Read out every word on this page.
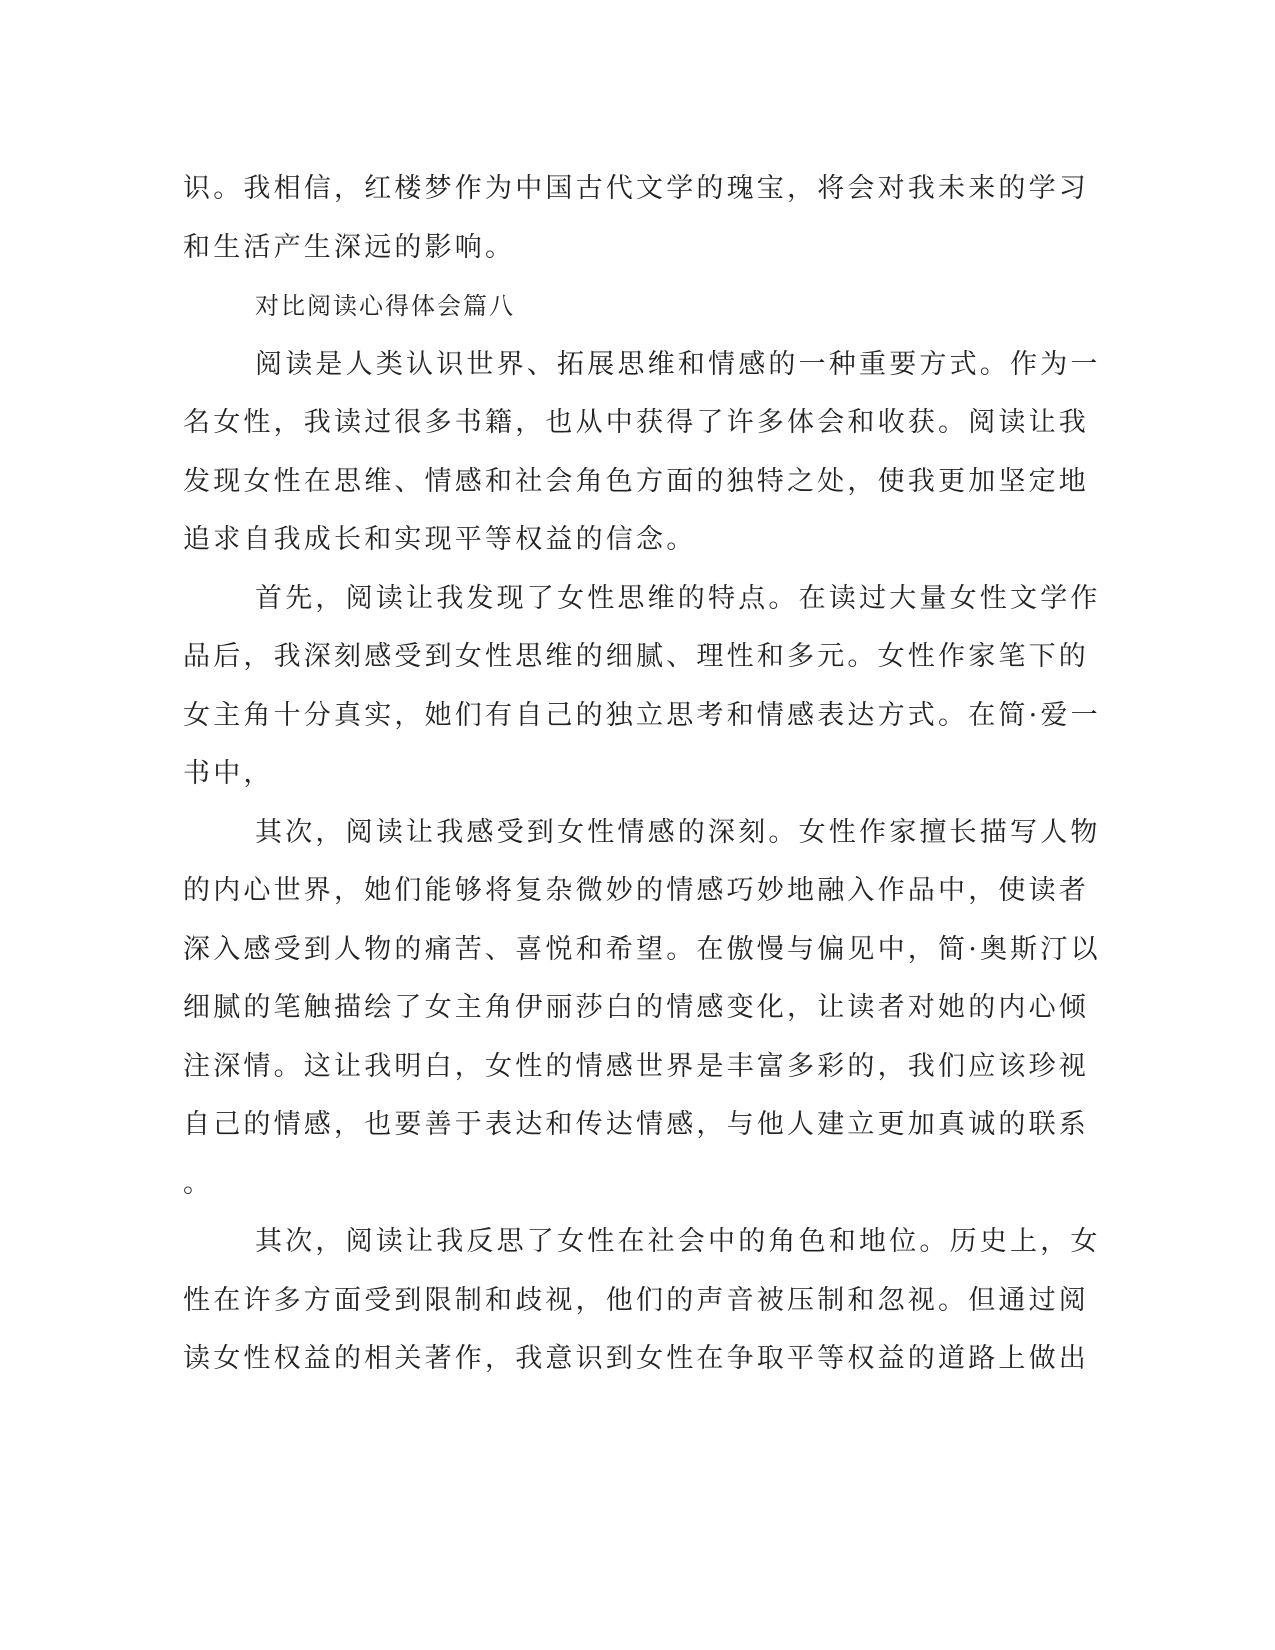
识。我相信，红楼梦作为中国古代文学的瑰宝，将会对我未来的学习
和生活产生深远的影响。
对比阅读心得体会篇八
阅读是人类认识世界、拓展思维和情感的一种重要方式。作为一
名女性，我读过很多书籍，也从中获得了许多体会和收获。阅读让我
发现女性在思维、情感和社会角色方面的独特之处，使我更加坚定地
追求自我成长和实现平等权益的信念。
首先，阅读让我发现了女性思维的特点。在读过大量女性文学作
品后，我深刻感受到女性思维的细腻、理性和多元。女性作家笔下的
女主角十分真实，她们有自己的独立思考和情感表达方式。在简·爱一
书中，
其次，阅读让我感受到女性情感的深刻。女性作家擅长描写人物
的内心世界，她们能够将复杂微妙的情感巧妙地融入作品中，使读者
深入感受到人物的痛苦、喜悦和希望。在傲慢与偏见中，简·奥斯汀以
细腻的笔触描绘了女主角伊丽莎白的情感变化，让读者对她的内心倾
注深情。这让我明白，女性的情感世界是丰富多彩的，我们应该珍视
自己的情感，也要善于表达和传达情感，与他人建立更加真诚的联系
。
其次，阅读让我反思了女性在社会中的角色和地位。历史上，女
性在许多方面受到限制和歧视，他们的声音被压制和忽视。但通过阅
读女性权益的相关著作，我意识到女性在争取平等权益的道路上做出
